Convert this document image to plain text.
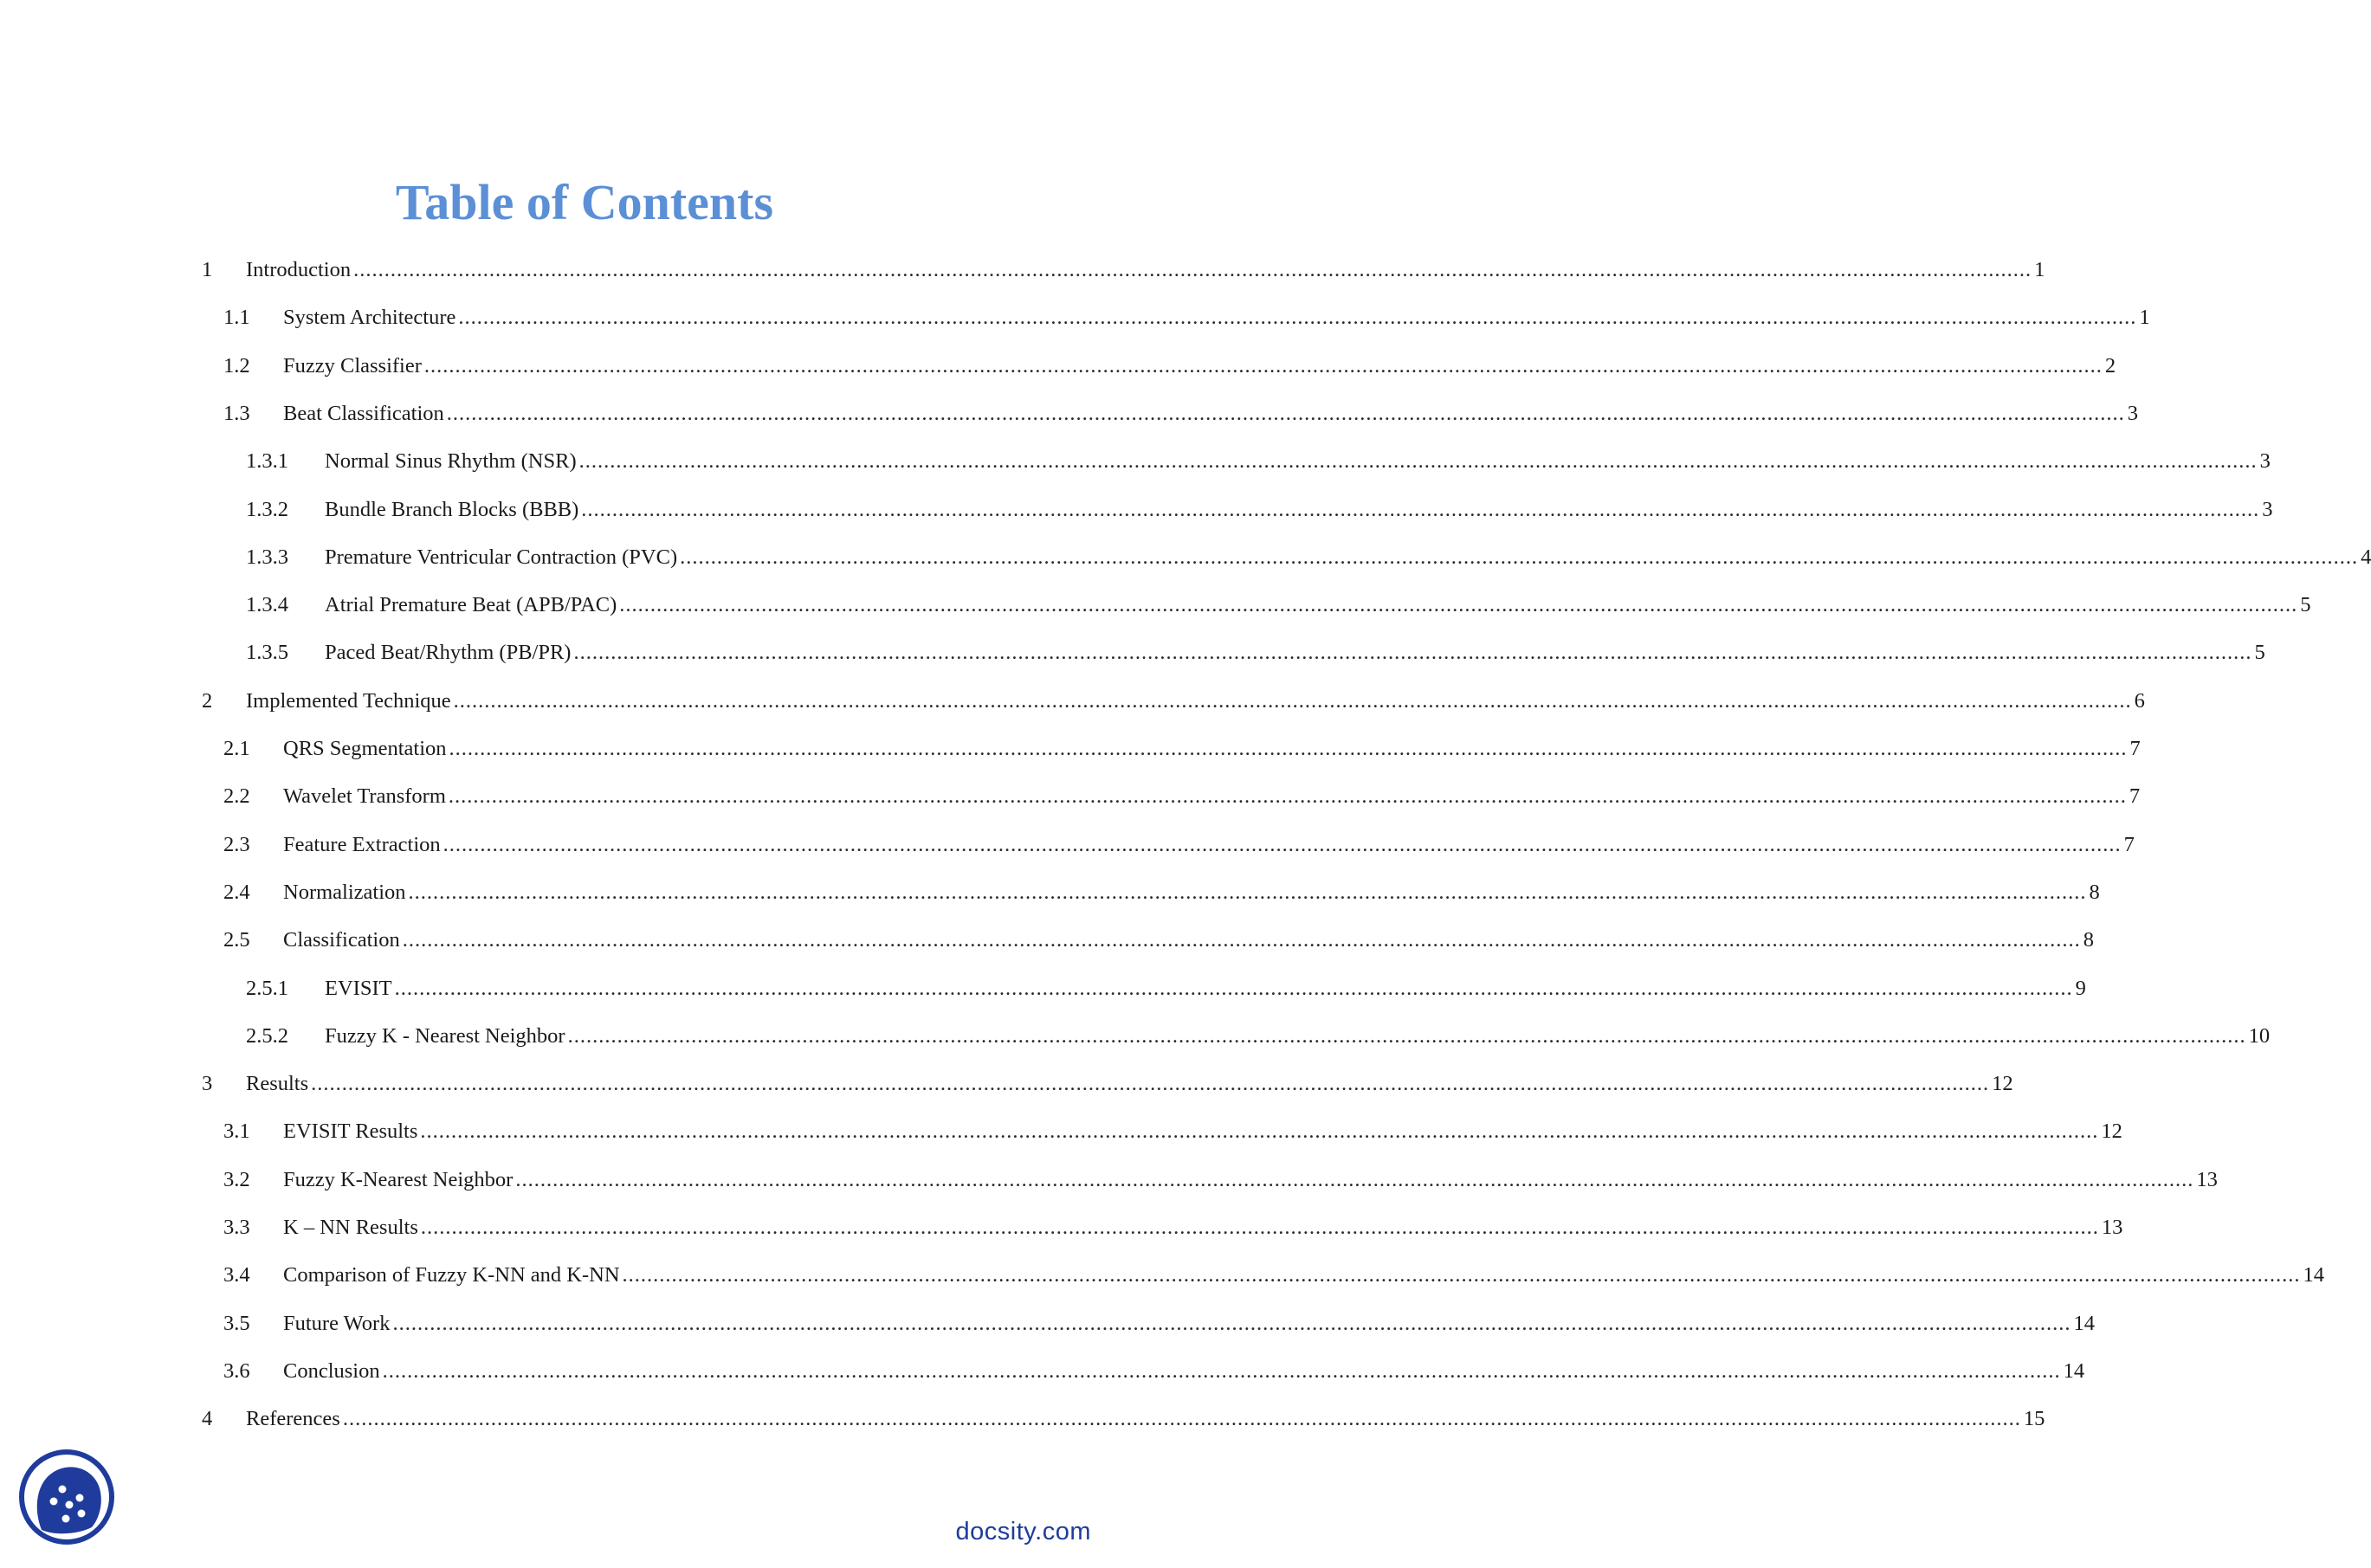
Table of Contents
1 Introduction ................................................................................................................................................................................................................................................................................ 1
1.1 System Architecture ................................................................................................................................................................................................................................................................................ 1
1.2 Fuzzy Classifier ................................................................................................................................................................................................................................................................................ 2
1.3 Beat Classification ................................................................................................................................................................................................................................................................................ 3
1.3.1 Normal Sinus Rhythm (NSR) ................................................................................................................................................................................................................................................................................ 3
1.3.2 Bundle Branch Blocks (BBB) ................................................................................................................................................................................................................................................................................ 3
1.3.3 Premature Ventricular Contraction (PVC) ................................................................................................................................................................................................................................................................................ 4
1.3.4 Atrial Premature Beat (APB/PAC) ................................................................................................................................................................................................................................................................................ 5
1.3.5 Paced Beat/Rhythm (PB/PR) ................................................................................................................................................................................................................................................................................ 5
2 Implemented Technique ................................................................................................................................................................................................................................................................................ 6
2.1 QRS Segmentation ................................................................................................................................................................................................................................................................................ 7
2.2 Wavelet Transform ................................................................................................................................................................................................................................................................................ 7
2.3 Feature Extraction ................................................................................................................................................................................................................................................................................ 7
2.4 Normalization ................................................................................................................................................................................................................................................................................ 8
2.5 Classification ................................................................................................................................................................................................................................................................................ 8
2.5.1 EVISIT ................................................................................................................................................................................................................................................................................ 9
2.5.2 Fuzzy K - Nearest Neighbor ................................................................................................................................................................................................................................................................................ 10
3 Results ................................................................................................................................................................................................................................................................................ 12
3.1 EVISIT Results ................................................................................................................................................................................................................................................................................ 12
3.2 Fuzzy K-Nearest Neighbor ................................................................................................................................................................................................................................................................................ 13
3.3 K – NN Results ................................................................................................................................................................................................................................................................................ 13
3.4 Comparison of Fuzzy K-NN and K-NN ................................................................................................................................................................................................................................................................................ 14
3.5 Future Work ................................................................................................................................................................................................................................................................................ 14
3.6 Conclusion ................................................................................................................................................................................................................................................................................ 14
4 References ................................................................................................................................................................................................................................................................................ 15
docsity.com
